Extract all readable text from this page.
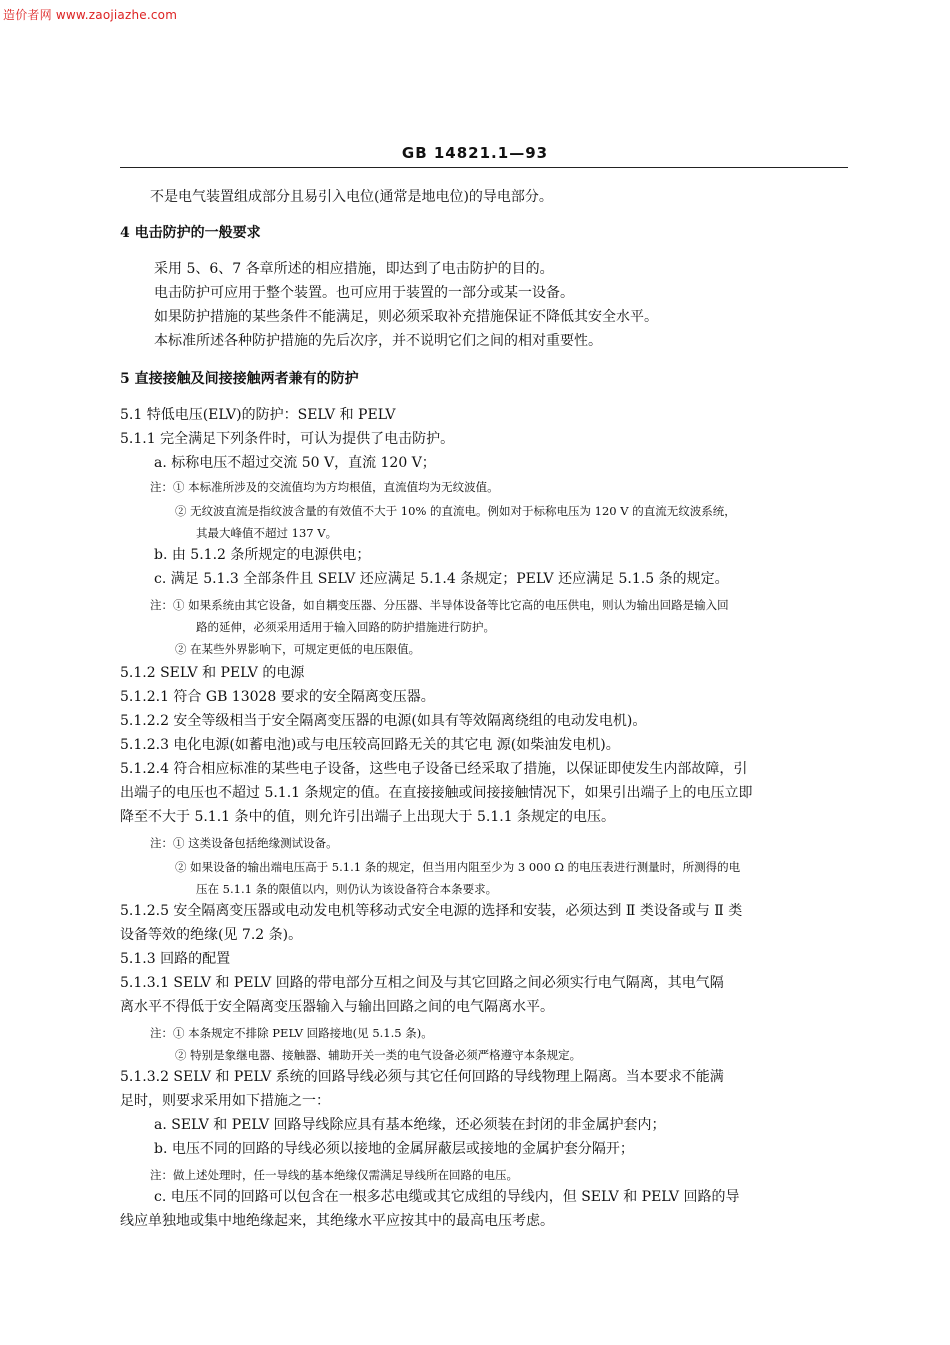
造价者网 www.zaojiazhe.com
GB 14821.1—93
不是电气装置组成部分且易引入电位(通常是地电位)的导电部分。
4 电击防护的一般要求
采用 5、6、7 各章所述的相应措施，即达到了电击防护的目的。
电击防护可应用于整个装置。也可应用于装置的一部分或某一设备。
如果防护措施的某些条件不能满足，则必须采取补充措施保证不降低其安全水平。
本标准所述各种防护措施的先后次序，并不说明它们之间的相对重要性。
5 直接接触及间接接触两者兼有的防护
5.1 特低电压(ELV)的防护：SELV 和 PELV
5.1.1 完全满足下列条件时，可认为提供了电击防护。
a. 标称电压不超过交流 50 V，直流 120 V；
注：① 本标准所涉及的交流值均为方均根值，直流值均为无纹波值。
② 无纹波直流是指纹波含量的有效值不大于 10% 的直流电。例如对于标称电压为 120 V 的直流无纹波系统，
其最大峰值不超过 137 V。
b. 由 5.1.2 条所规定的电源供电；
c. 满足 5.1.3 全部条件且 SELV 还应满足 5.1.4 条规定；PELV 还应满足 5.1.5 条的规定。
注：① 如果系统由其它设备，如自耦变压器、分压器、半导体设备等比它高的电压供电，则认为输出回路是输入回
路的延伸，必须采用适用于输入回路的防护措施进行防护。
② 在某些外界影响下，可规定更低的电压限值。
5.1.2 SELV 和 PELV 的电源
5.1.2.1 符合 GB 13028 要求的安全隔离变压器。
5.1.2.2 安全等级相当于安全隔离变压器的电源(如具有等效隔离绕组的电动发电机)。
5.1.2.3 电化电源(如蓄电池)或与电压较高回路无关的其它电 源(如柴油发电机)。
5.1.2.4 符合相应标准的某些电子设备，这些电子设备已经采取了措施，以保证即使发生内部故障，引
出端子的电压也不超过 5.1.1 条规定的值。在直接接触或间接接触情况下，如果引出端子上的电压立即
降至不大于 5.1.1 条中的值，则允许引出端子上出现大于 5.1.1 条规定的电压。
注：① 这类设备包括绝缘测试设备。
② 如果设备的输出端电压高于 5.1.1 条的规定，但当用内阻至少为 3 000 Ω 的电压表进行测量时，所测得的电
压在 5.1.1 条的限值以内，则仍认为该设备符合本条要求。
5.1.2.5 安全隔离变压器或电动发电机等移动式安全电源的选择和安装，必须达到 Ⅱ 类设备或与 Ⅱ 类
设备等效的绝缘(见 7.2 条)。
5.1.3 回路的配置
5.1.3.1 SELV 和 PELV 回路的带电部分互相之间及与其它回路之间必须实行电气隔离，其电气隔
离水平不得低于安全隔离变压器输入与输出回路之间的电气隔离水平。
注：① 本条规定不排除 PELV 回路接地(见 5.1.5 条)。
② 特别是象继电器、接触器、辅助开关一类的电气设备必须严格遵守本条规定。
5.1.3.2 SELV 和 PELV 系统的回路导线必须与其它任何回路的导线物理上隔离。当本要求不能满
足时，则要求采用如下措施之一：
a. SELV 和 PELV 回路导线除应具有基本绝缘，还必须装在封闭的非金属护套内；
b. 电压不同的回路的导线必须以接地的金属屏蔽层或接地的金属护套分隔开；
注：做上述处理时，任一导线的基本绝缘仅需满足导线所在回路的电压。
c. 电压不同的回路可以包含在一根多芯电缆或其它成组的导线内，但 SELV 和 PELV 回路的导
线应单独地或集中地绝缘起来，其绝缘水平应按其中的最高电压考虑。
